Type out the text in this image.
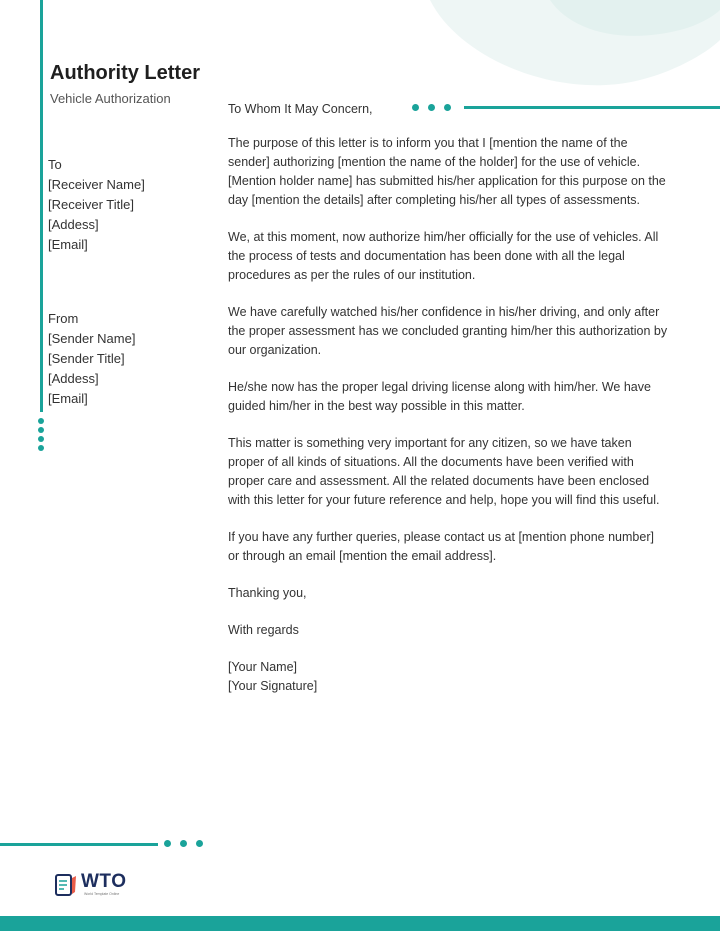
Authority Letter
Vehicle Authorization
To
[Receiver Name]
[Receiver Title]
[Addess]
[Email]
From
[Sender Name]
[Sender Title]
[Addess]
[Email]
To Whom It May Concern,

The purpose of this letter is to inform you that I [mention the name of the sender] authorizing [mention the name of the holder] for the use of vehicle. [Mention holder name] has submitted his/her application for this purpose on the day [mention the details] after completing his/her all types of assessments.

We, at this moment, now authorize him/her officially for the use of vehicles. All the process of tests and documentation has been done with all the legal procedures as per the rules of our institution.

We have carefully watched his/her confidence in his/her driving, and only after the proper assessment has we concluded granting him/her this authorization by our organization.

He/she now has the proper legal driving license along with him/her. We have guided him/her in the best way possible in this matter.

This matter is something very important for any citizen, so we have taken proper of all kinds of situations. All the documents have been verified with proper care and assessment. All the related documents have been enclosed with this letter for your future reference and help, hope you will find this useful.

If you have any further queries, please contact us at [mention phone number] or through an email [mention the email address].

Thanking you,

With regards

[Your Name]
[Your Signature]
WTO
World Template Online
